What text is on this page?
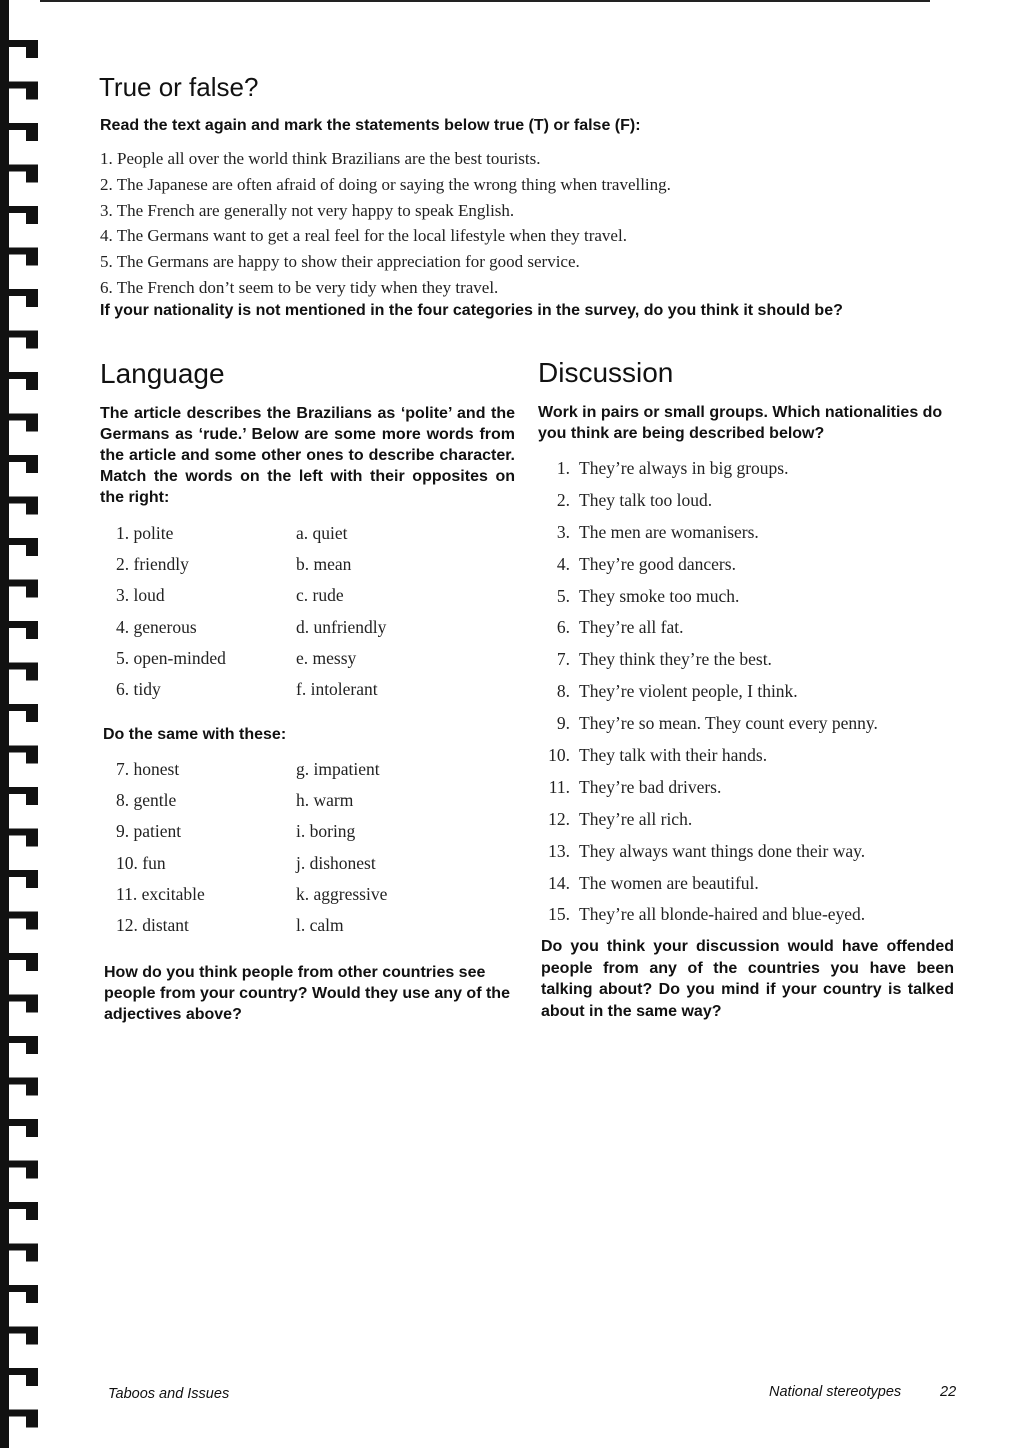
True or false?

Read the text again and mark the statements below true (T) or false (F):

1. People all over the world think Brazilians are the best tourists.
2. The Japanese are often afraid of doing or saying the wrong thing when travelling.
3. The French are generally not very happy to speak English.
4. The Germans want to get a real feel for the local lifestyle when they travel.
5. The Germans are happy to show their appreciation for good service.
6. The French don’t seem to be very tidy when they travel.

If your nationality is not mentioned in the four categories in the survey, do you think it should be?

Language

The article describes the Brazilians as ‘polite’ and the Germans as ‘rude.’ Below are some more words from the article and some other ones to describe character. Match the words on the left with their opposites on the right:

1. polite	a. quiet
2. friendly	b. mean
3. loud	c. rude
4. generous	d. unfriendly
5. open-minded	e. messy
6. tidy	f. intolerant

Do the same with these:

7. honest	g. impatient
8. gentle	h. warm
9. patient	i. boring
10. fun	j. dishonest
11. excitable	k. aggressive
12. distant	l. calm

How do you think people from other countries see people from your country? Would they use any of the adjectives above?

Discussion

Work in pairs or small groups. Which nationalities do you think are being described below?

1. They’re always in big groups.
2. They talk too loud.
3. The men are womanisers.
4. They’re good dancers.
5. They smoke too much.
6. They’re all fat.
7. They think they’re the best.
8. They’re violent people, I think.
9. They’re so mean. They count every penny.
10. They talk with their hands.
11. They’re bad drivers.
12. They’re all rich.
13. They always want things done their way.
14. The women are beautiful.
15. They’re all blonde-haired and blue-eyed.

Do you think your discussion would have offended people from any of the countries you have been talking about? Do you mind if your country is talked about in the same way?

Taboos and Issues	National stereotypes	22
